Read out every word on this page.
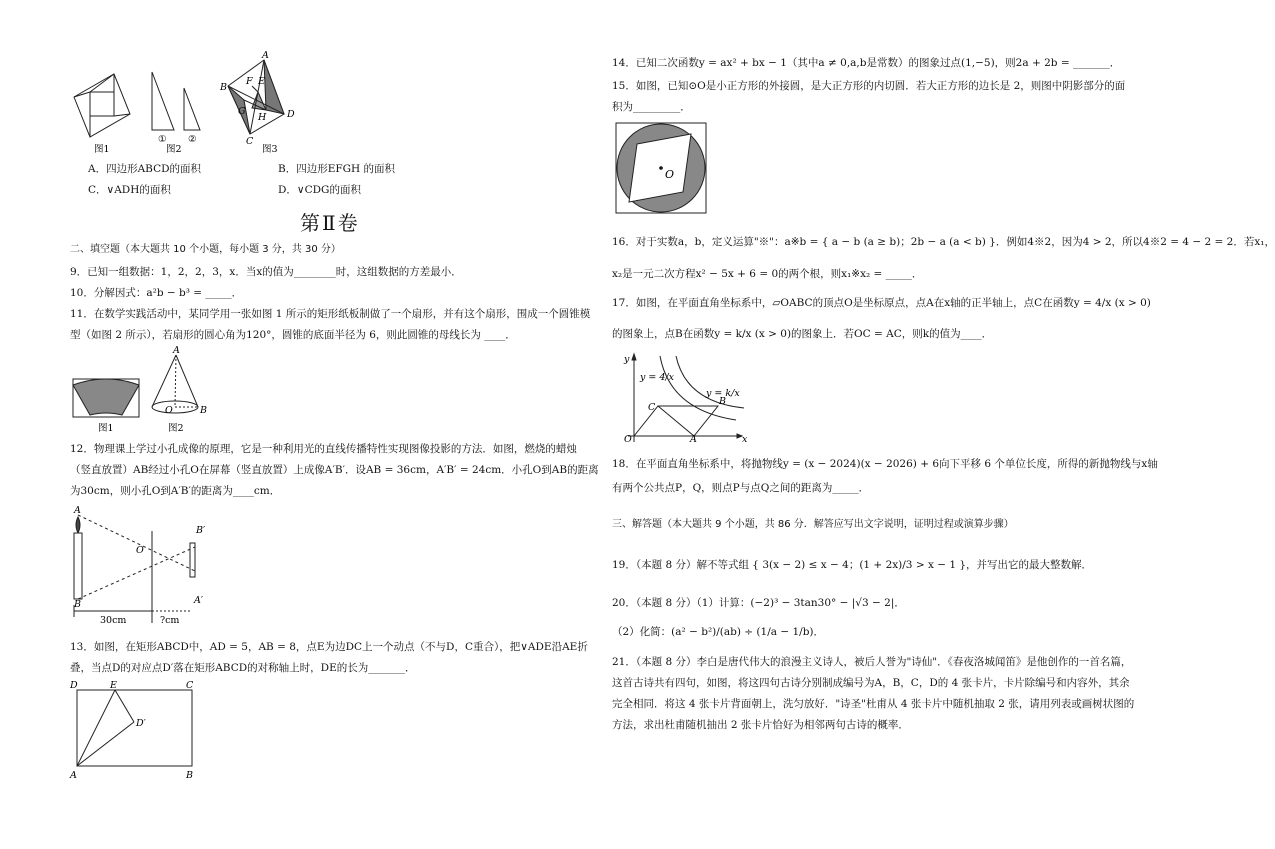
图1
① ②
图2
A
B
C
D
E
F
G
H
图3
A．四边形ABCD的面积	B．四边形EFGH 的面积
C．∨ADH的面积	D．∨CDG的面积
第Ⅱ卷
二、填空题（本大题共 10 个小题，每小题 3 分，共 30 分）
9．已知一组数据：1，2，2，3，x．当x的值为________时，这组数据的方差最小．
10．分解因式：a²b − b³ = _____．
11．在数学实践活动中，某同学用一张如图 1 所示的矩形纸板制做了一个扇形，并有这个扇形，围成一个圆锥模
型（如图 2 所示），若扇形的圆心角为120°，圆锥的底面半径为 6，则此圆锥的母线长为 ____．
图1
A
O	B
图2
12．物理课上学过小孔成像的原理，它是一种利用光的直线传播特性实现图像投影的方法．如图，燃烧的蜡烛
（竖直放置）AB经过小孔O在屏幕（竖直放置）上成像A′B′．设AB = 36cm，A′B′ = 24cm．小孔O到AB的距离
为30cm，则小孔O到A′B′的距离为____cm．
A
B
O
B′
A′
30cm	?cm
13．如图，在矩形ABCD中，AD = 5，AB = 8，点E为边DC上一个动点（不与D，C重合），把∨ADE沿AE折
叠，当点D的对应点D′落在矩形ABCD的对称轴上时，DE的长为_______．
D	E	C
D′
A	B
14．已知二次函数y = ax² + bx − 1（其中a ≠ 0,a,b是常数）的图象过点(1,−5)，则2a + 2b = _______．
15．如图，已知⊙O是小正方形的外接圆，是大正方形的内切圆．若大正方形的边长是 2，则图中阴影部分的面
积为_________．
O
16．对于实数a，b，定义运算"※"：a※b = { a − b (a ≥ b)；2b − a (a < b) }．例如4※2，因为4 > 2，所以4※2 = 4 − 2 = 2．若x₁，
x₂是一元二次方程x² − 5x + 6 = 0的两个根，则x₁※x₂ = _____．
17．如图，在平面直角坐标系中，▱OABC的顶点O是坐标原点，点A在x轴的正半轴上，点C在函数y = 4/x (x > 0)
的图象上，点B在函数y = k/x (x > 0)的图象上．若OC = AC，则k的值为____．
y
y = 4/x
C
B
y = k/x
O	A	x
18．在平面直角坐标系中，将抛物线y = (x − 2024)(x − 2026) + 6向下平移 6 个单位长度，所得的新抛物线与x轴
有两个公共点P，Q，则点P与点Q之间的距离为_____．
三、解答题（本大题共 9 个小题，共 86 分．解答应写出文字说明，证明过程或演算步骤）
19．（本题 8 分）解不等式组 { 3(x − 2) ≤ x − 4；(1 + 2x)/3 > x − 1 }，并写出它的最大整数解．
20．（本题 8 分）（1）计算：(−2)³ − 3tan30° − |√3 − 2|．
（2）化简：(a² − b²)/(ab) ÷ (1/a − 1/b)．
21．（本题 8 分）李白是唐代伟大的浪漫主义诗人，被后人誉为"诗仙"．《春夜洛城闻笛》是他创作的一首名篇，
这首古诗共有四句，如图，将这四句古诗分别制成编号为A，B，C，D的 4 张卡片，卡片除编号和内容外，其余
完全相同．将这 4 张卡片背面朝上，洗匀放好．"诗圣"杜甫从 4 张卡片中随机抽取 2 张，请用列表或画树状图的
方法，求出杜甫随机抽出 2 张卡片恰好为相邻两句古诗的概率．
